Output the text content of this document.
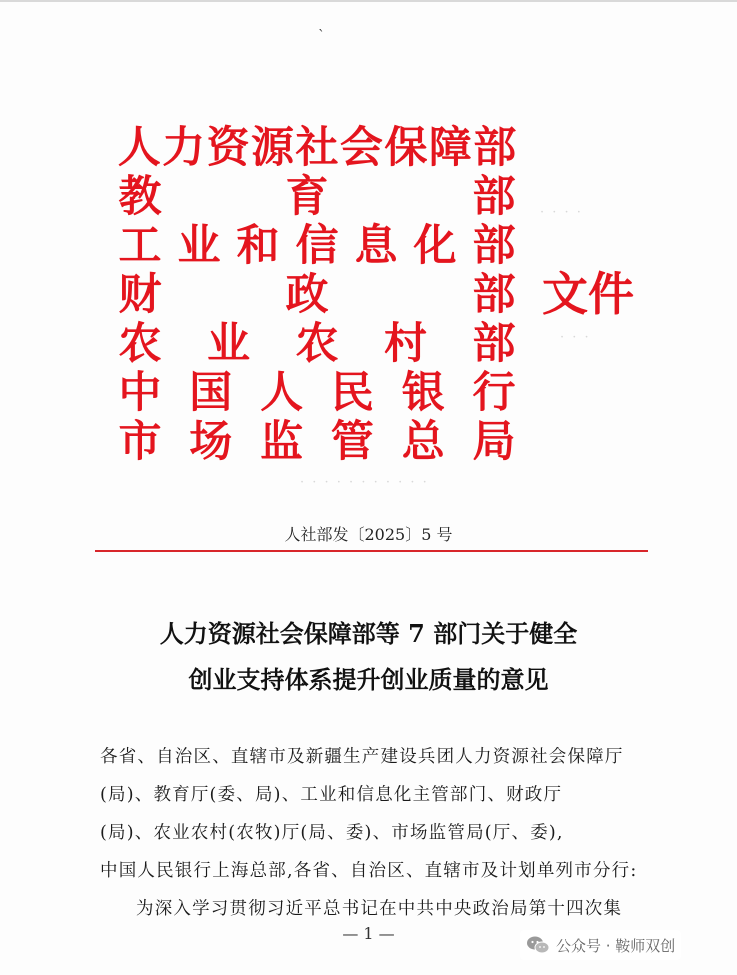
ˋ
· · · ·
· · ·
· · · · · · · · · · ·
人 力 资 源 社 会 保 障 部
教	育	部
工 业 和 信 息 化 部
财	政	部
农 业 农 村 部
中 国 人 民 银 行
市 场 监 管 总 局
文件
人社部发〔2025〕5 号
人力资源社会保障部等 7 部门关于健全
创业支持体系提升创业质量的意见
各省、自治区、直辖市及新疆生产建设兵团人力资源社会保障厅
(局)、教育厅(委、局)、工业和信息化主管部门、财政厅
(局)、农业农村(农牧)厅(局、委)、市场监管局(厅、委),
中国人民银行上海总部,各省、自治区、直辖市及计划单列市分行:
为深入学习贯彻习近平总书记在中共中央政治局第十四次集
— 1 —
公众号 · 鞍师双创
